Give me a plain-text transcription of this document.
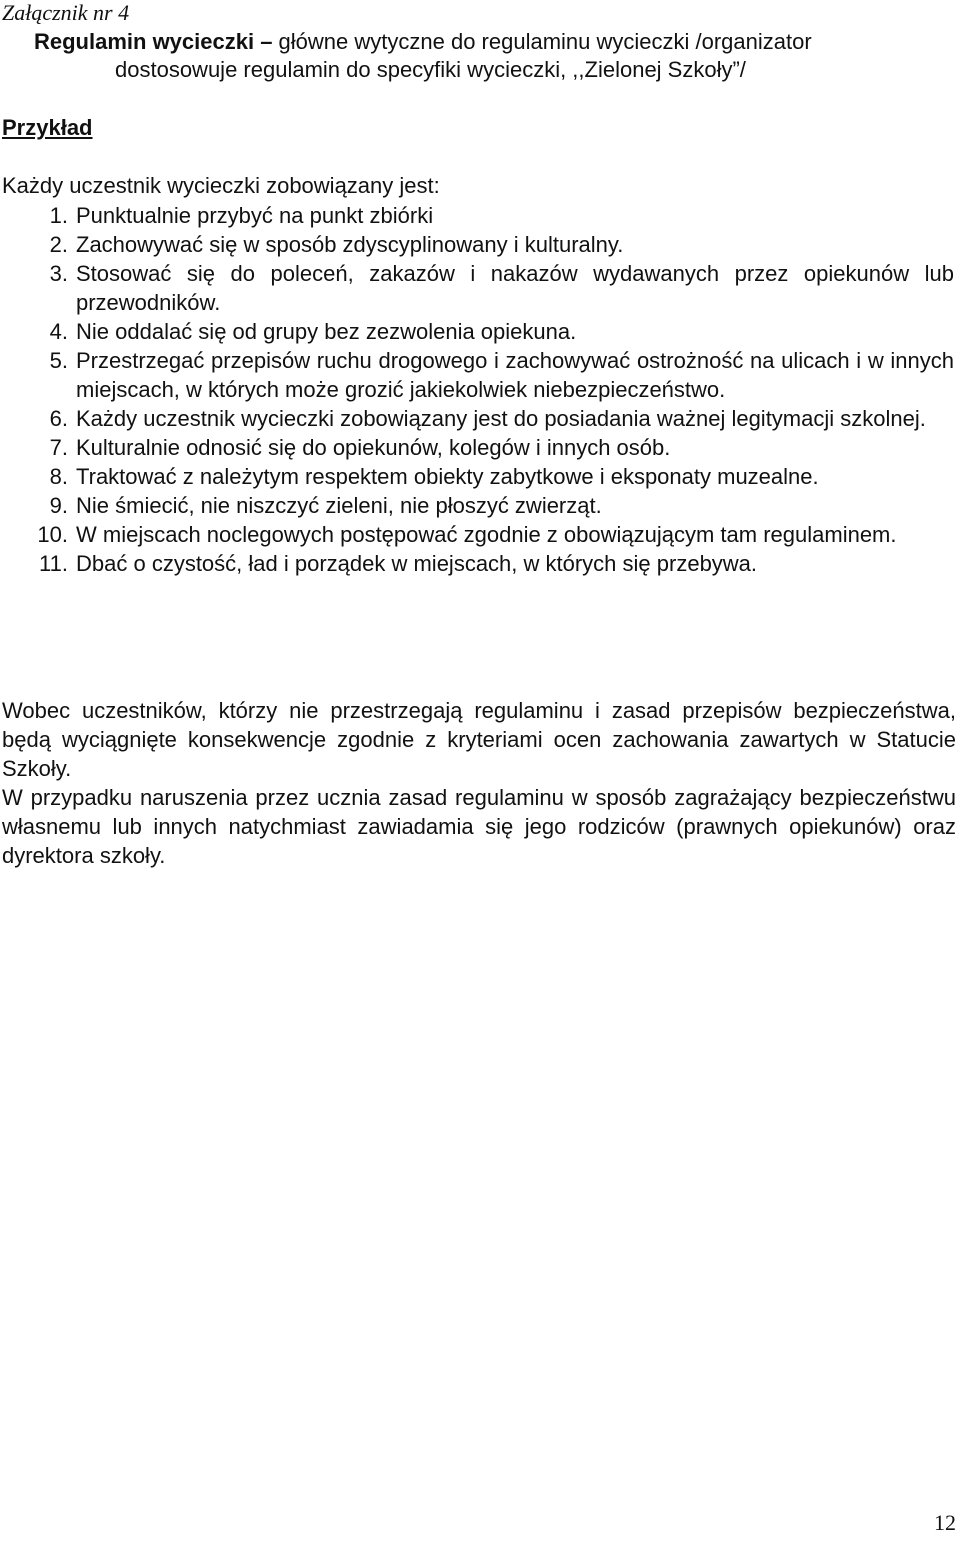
Załącznik nr 4

Regulamin wycieczki – główne wytyczne do regulaminu wycieczki /organizator

dostosowuje regulamin do specyfiki wycieczki, ,,Zielonej Szkoły”/

Przykład

Każdy uczestnik wycieczki zobowiązany jest:

1. Punktualnie przybyć na punkt zbiórki
2. Zachowywać się w sposób zdyscyplinowany i kulturalny.
3. Stosować się do poleceń, zakazów i nakazów wydawanych przez opiekunów lub przewodników.
4. Nie oddalać się od grupy bez zezwolenia opiekuna.
5. Przestrzegać przepisów ruchu drogowego i zachowywać ostrożność na ulicach i w innych miejscach, w których może grozić jakiekolwiek niebezpieczeństwo.
6. Każdy uczestnik wycieczki zobowiązany jest do posiadania ważnej legitymacji szkolnej.
7. Kulturalnie odnosić się do opiekunów, kolegów i innych osób.
8. Traktować z należytym respektem obiekty zabytkowe i eksponaty muzealne.
9. Nie śmiecić, nie niszczyć zieleni, nie płoszyć zwierząt.
10. W miejscach noclegowych postępować zgodnie z obowiązującym tam regulaminem.
11. Dbać o czystość, ład i porządek w miejscach, w których się przebywa.

Wobec uczestników, którzy nie przestrzegają regulaminu i zasad przepisów bezpieczeństwa, będą wyciągnięte konsekwencje zgodnie z kryteriami ocen zachowania zawartych w Statucie Szkoły.

W przypadku naruszenia przez ucznia zasad regulaminu w sposób zagrażający bezpieczeństwu własnemu lub innych natychmiast zawiadamia się jego rodziców (prawnych opiekunów) oraz dyrektora szkoły.

12
